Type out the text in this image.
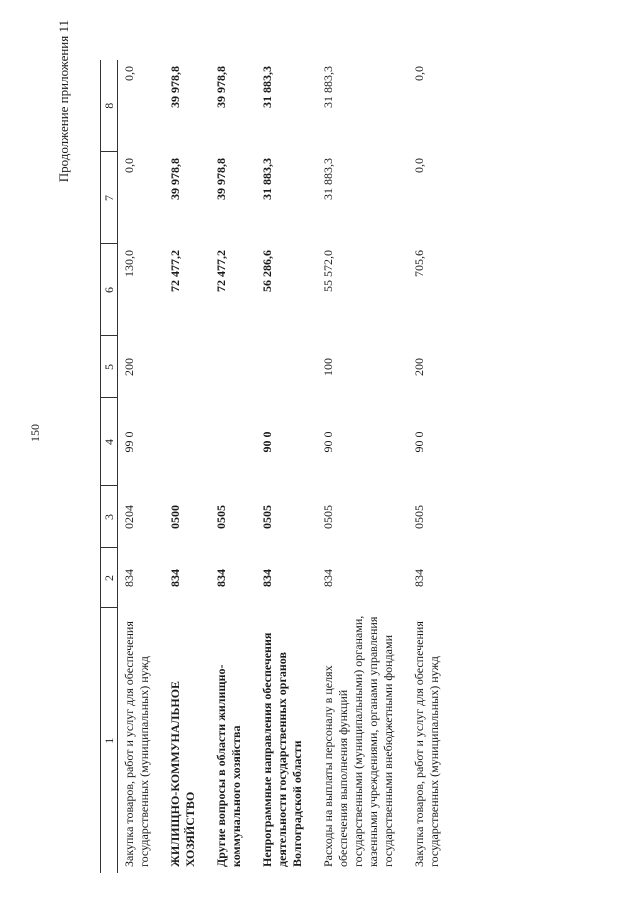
150
Продолжение приложения 11
1	2	3	4	5	6	7	8
Закупка товаров, работ и услуг для обеспечения государственных (муниципальных) нужд	834	0204	99 0	200	130,0	0,0	0,0
ЖИЛИЩНО-КОММУНАЛЬНОЕ ХОЗЯЙСТВО	834	0500			72 477,2	39 978,8	39 978,8
Другие вопросы в области жилищно-коммунального хозяйства	834	0505			72 477,2	39 978,8	39 978,8
Непрограммные направления обеспечения деятельности государственных органов Волгоградской области	834	0505	90 0		56 286,6	31 883,3	31 883,3
Расходы на выплаты персоналу в целях обеспечения выполнения функций государственными (муниципальными) органами, казенными учреждениями, органами управления государственными внебюджетными фондами	834	0505	90 0	100	55 572,0	31 883,3	31 883,3
Закупка товаров, работ и услуг для обеспечения государственных (муниципальных) нужд	834	0505	90 0	200	705,6	0,0	0,0
